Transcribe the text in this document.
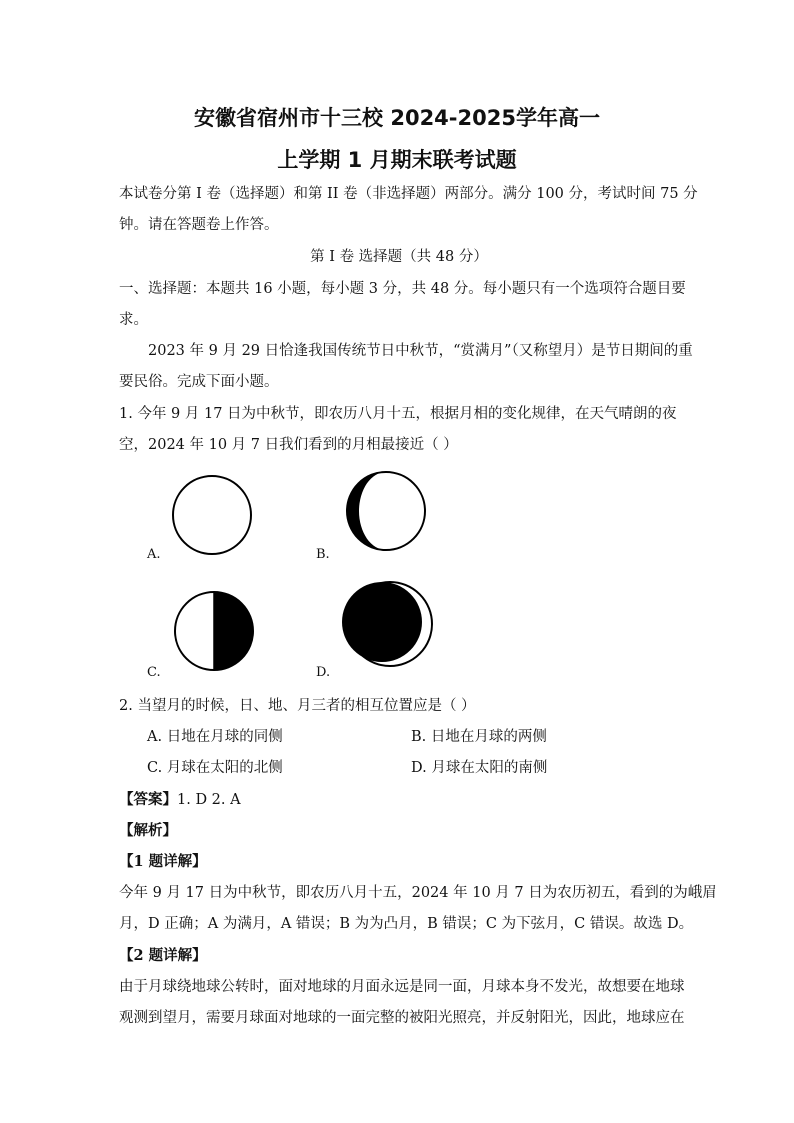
安徽省宿州市十三校 2024-2025学年高一
上学期 1 月期末联考试题
本试卷分第 I 卷（选择题）和第 II 卷（非选择题）两部分。满分 100 分，考试时间 75 分
钟。请在答题卷上作答。
第 I 卷 选择题（共 48 分）
一、选择题：本题共 16 小题，每小题 3 分，共 48 分。每小题只有一个选项符合题目要
求。
2023 年 9 月 29 日恰逢我国传统节日中秋节，“赏满月”（又称望月）是节日期间的重
要民俗。完成下面小题。
1. 今年 9 月 17 日为中秋节，即农历八月十五，根据月相的变化规律，在天气晴朗的夜
空，2024 年 10 月 7 日我们看到的月相最接近（ ）
A.	B.
C.	D.
2. 当望月的时候，日、地、月三者的相互位置应是（ ）
A. 日地在月球的同侧	B. 日地在月球的两侧
C. 月球在太阳的北侧	D. 月球在太阳的南侧
【答案】1. D 2. A
【解析】
【1 题详解】
今年 9 月 17 日为中秋节，即农历八月十五，2024 年 10 月 7 日为农历初五，看到的为峨眉
月，D 正确；A 为满月，A 错误；B 为为凸月，B 错误；C 为下弦月，C 错误。故选 D。
【2 题详解】
由于月球绕地球公转时，面对地球的月面永远是同一面，月球本身不发光，故想要在地球
观测到望月，需要月球面对地球的一面完整的被阳光照亮，并反射阳光，因此，地球应在
